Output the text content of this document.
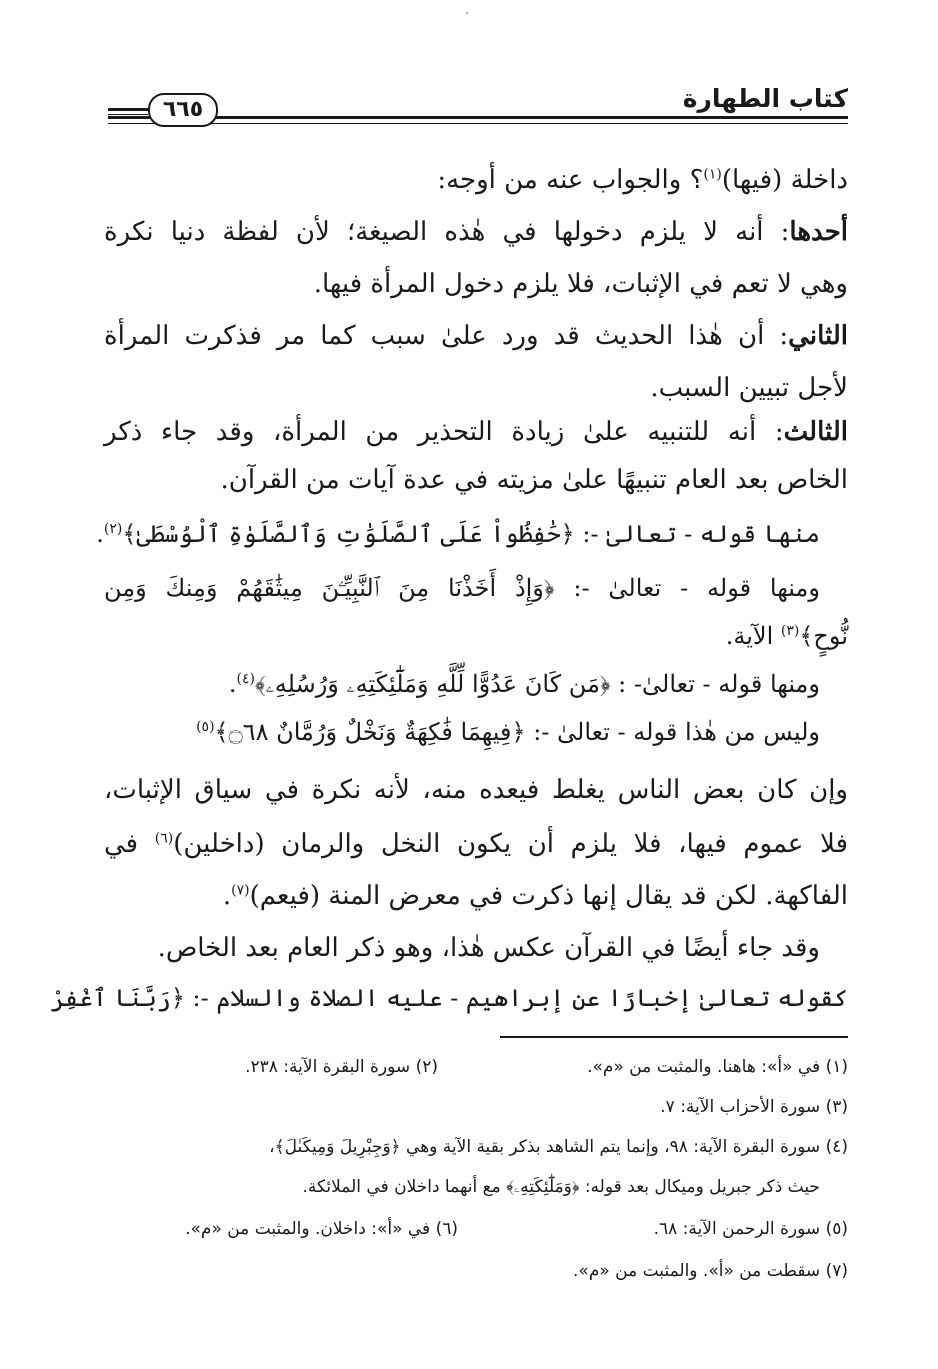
كتاب الطهارة
٦٦٥
داخلة (فيها)$^{(١)}$؟ والجواب عنه من أوجه:
أحدها: أنه لا يلزم دخولها في هٰذه الصيغة؛ لأن لفظة دنيا نكرة
وهي لا تعم في الإثبات، فلا يلزم دخول المرأة فيها.
الثاني: أن هٰذا الحديث قد ورد علىٰ سبب كما مر فذكرت المرأة
لأجل تبيين السبب.
الثالث: أنه للتنبيه علىٰ زيادة التحذير من المرأة، وقد جاء ذكر
الخاص بعد العام تنبيهًا علىٰ مزيته في عدة آيات من القرآن.
منها قوله - تعالىٰ -: ﴿حَٰفِظُواْ عَلَى ٱلصَّلَوَٰتِ وَٱلصَّلَوٰةِ ٱلْوُسْطَىٰ﴾$^{(٢)}$.
ومنها قوله - تعالىٰ -: ﴿وَإِذْ أَخَذْنَا مِنَ ٱلنَّبِيِّـۧنَ مِيثَٰقَهُمْ وَمِنكَ وَمِن
نُّوحٍ﴾$^{(٣)}$ الآية.
ومنها قوله - تعالىٰ- : ﴿مَن كَانَ عَدُوًّا لِّلَّهِ وَمَلَٰٓئِكَتِهِۦ وَرُسُلِهِۦ﴾$^{(٤)}$.
وليس من هٰذا قوله - تعالىٰ -: ﴿فِيهِمَا فَٰكِهَةٌ وَنَخْلٌ وَرُمَّانٌ ۝٦٨﴾$^{(٥)}$
وإن كان بعض الناس يغلط فيعده منه، لأنه نكرة في سياق الإثبات،
فلا عموم فيها، فلا يلزم أن يكون النخل والرمان (داخلين)$^{(٦)}$ في
الفاكهة. لكن قد يقال إنها ذكرت في معرض المنة (فيعم)$^{(٧)}$.
وقد جاء أيضًا في القرآن عكس هٰذا، وهو ذكر العام بعد الخاص.
كقوله تعالىٰ إخبارًا عن إبراهيم - عليه الصلاة والسلام -: ﴿رَبَّنَا ٱغْفِرْ
(١) في «أ»: هاهنا. والمثبت من «م».
(٢) سورة البقرة الآية: ٢٣٨.
(٣) سورة الأحزاب الآية: ٧.
(٤) سورة البقرة الآية: ٩٨، وإنما يتم الشاهد بذكر بقية الآية وهي ﴿وَجِبْرِيلَ وَمِيكَىٰلَ﴾،
حيث ذكر جبريل وميكال بعد قوله: ﴿وَمَلَٰٓئِكَتِهِۦ﴾ مع أنهما داخلان في الملائكة.
(٥) سورة الرحمن الآية: ٦٨.
(٦) في «أ»: داخلان. والمثبت من «م».
(٧) سقطت من «أ». والمثبت من «م».
